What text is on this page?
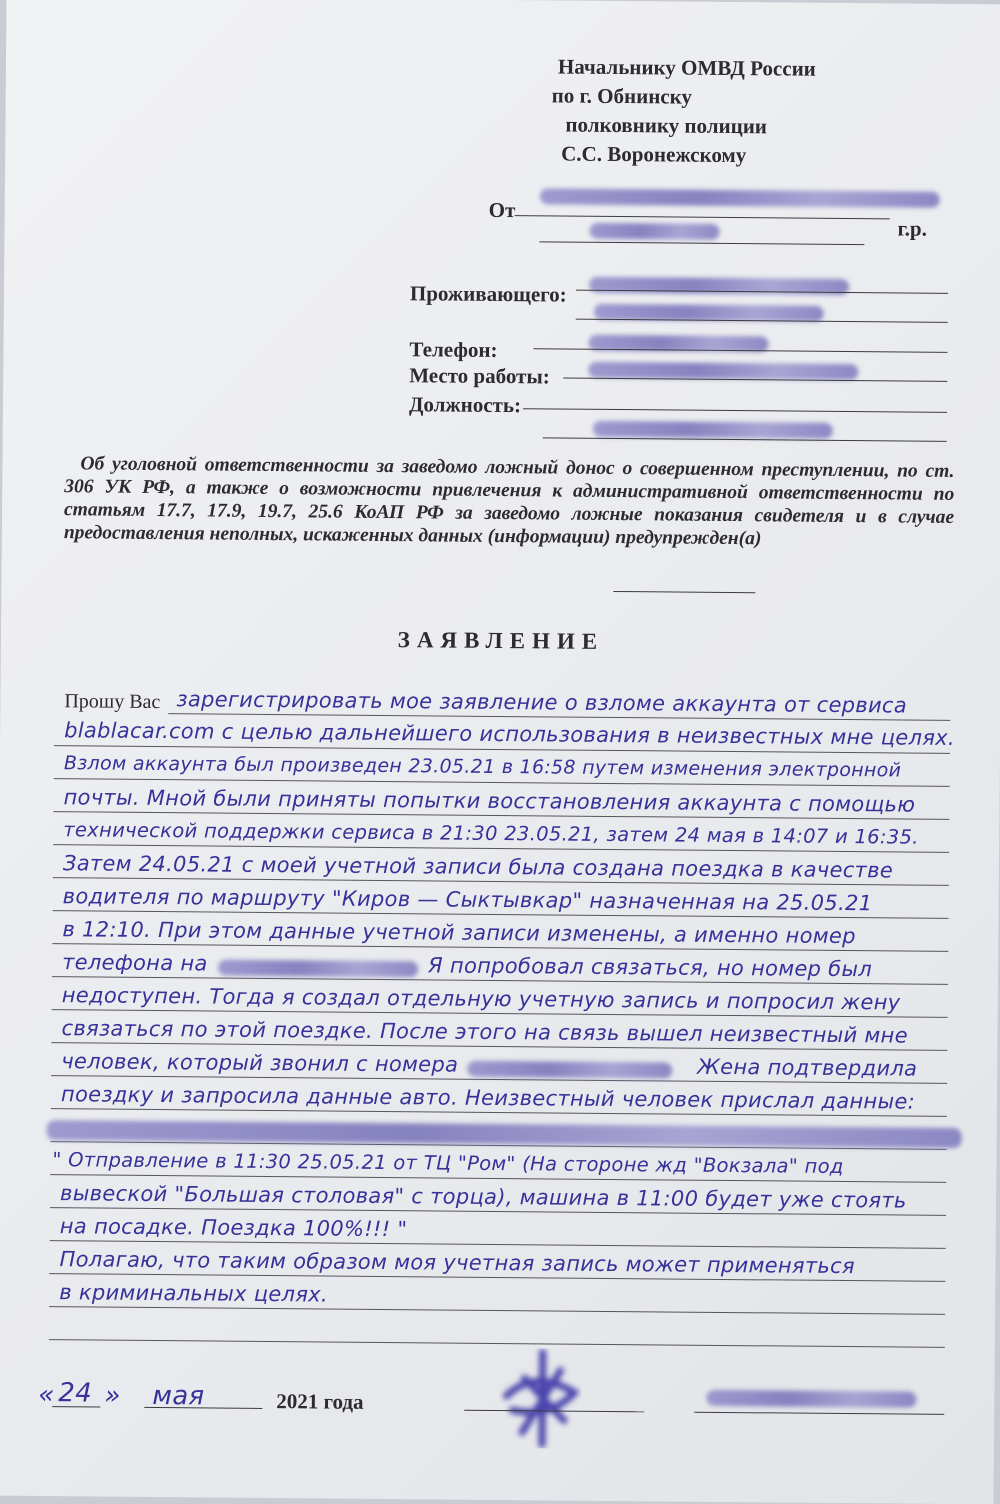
Начальнику ОМВД России
по г. Обнинску
полковнику полиции
С.С. Воронежскому
От
г.р.
Проживающего:
Телефон:
Место работы:
Должность:

Об уголовной ответственности за заведомо ложный донос о совершенном преступлении, по ст. 306 УК РФ, а также о возможности привлечения к административной ответственности по статьям 17.7, 17.9, 19.7, 25.6 КоАП РФ за заведомо ложные показания свидетеля и в случае предоставления неполных, искаженных данных (информации) предупрежден(а)

ЗАЯВЛЕНИЕ
Прошу Вас зарегистрировать мое заявление о взломе аккаунта от сервиса
blablacar.com с целью дальнейшего использования в неизвестных мне целях.
Взлом аккаунта был произведен 23.05.21 в 16:58 путем изменения электронной
почты. Мной были приняты попытки восстановления аккаунта с помощью
технической поддержки сервиса в 21:30 23.05.21, затем 24 мая в 14:07 и 16:35.
Затем 24.05.21 с моей учетной записи была создана поездка в качестве
водителя по маршруту "Киров — Сыктывкар" назначенная на 25.05.21
в 12:10. При этом данные учетной записи изменены, а именно номер
телефона на	Я попробовал связаться, но номер был
недоступен. Тогда я создал отдельную учетную запись и попросил жену
связаться по этой поездке. После этого на связь вышел неизвестный мне
человек, который звонил с номера	Жена подтвердила
поездку и запросила данные авто. Неизвестный человек прислал данные:
" Отправление в 11:30 25.05.21 от ТЦ "Ром" (На стороне жд "Вокзала" под
вывеской "Большая столовая" с торца), машина в 11:00 будет уже стоять
на посадке. Поездка 100%!!! "
Полагаю, что таким образом моя учетная запись может применяться
в криминальных целях.
« 24 » мая	2021 года
